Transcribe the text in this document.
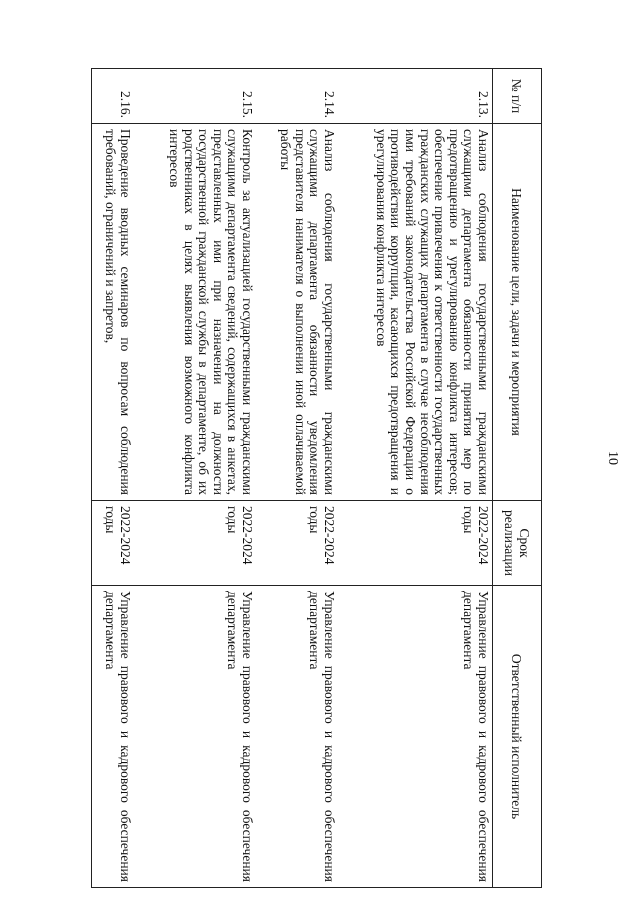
10
№ п/п	Наименование цели, задачи и мероприятия	Срок реализации	Ответственный исполнитель
2.13.	Анализ соблюдения государственными гражданскими служащими департамента обязанности принятия мер по предотвращению и урегулированию конфликта интересов; обеспечение привлечения к ответственности государственных гражданских служащих департамента в случае несоблюдения ими требований законодательства Российской Федерации о противодействии коррупции, касающихся предотвращения и урегулирования конфликта интересов	2022-2024 годы	Управление правового и кадрового обеспечения департамента
2.14.	Анализ соблюдения государственными гражданскими служащими департамента обязанности уведомления представителя нанимателя о выполнении иной оплачиваемой работы	2022-2024 годы	Управление правового и кадрового обеспечения департамента
2.15.	Контроль за актуализацией государственными гражданскими служащими департамента сведений, содержащихся в анкетах, представленных ими при назначении на должности государственной гражданской службы в департаменте, об их родственниках в целях выявления возможного конфликта интересов	2022-2024 годы	Управление правового и кадрового обеспечения департамента
2.16.	Проведение вводных семинаров по вопросам соблюдения требований, ограничений и запретов,	2022-2024 годы	Управление правового и кадрового обеспечения департамента
